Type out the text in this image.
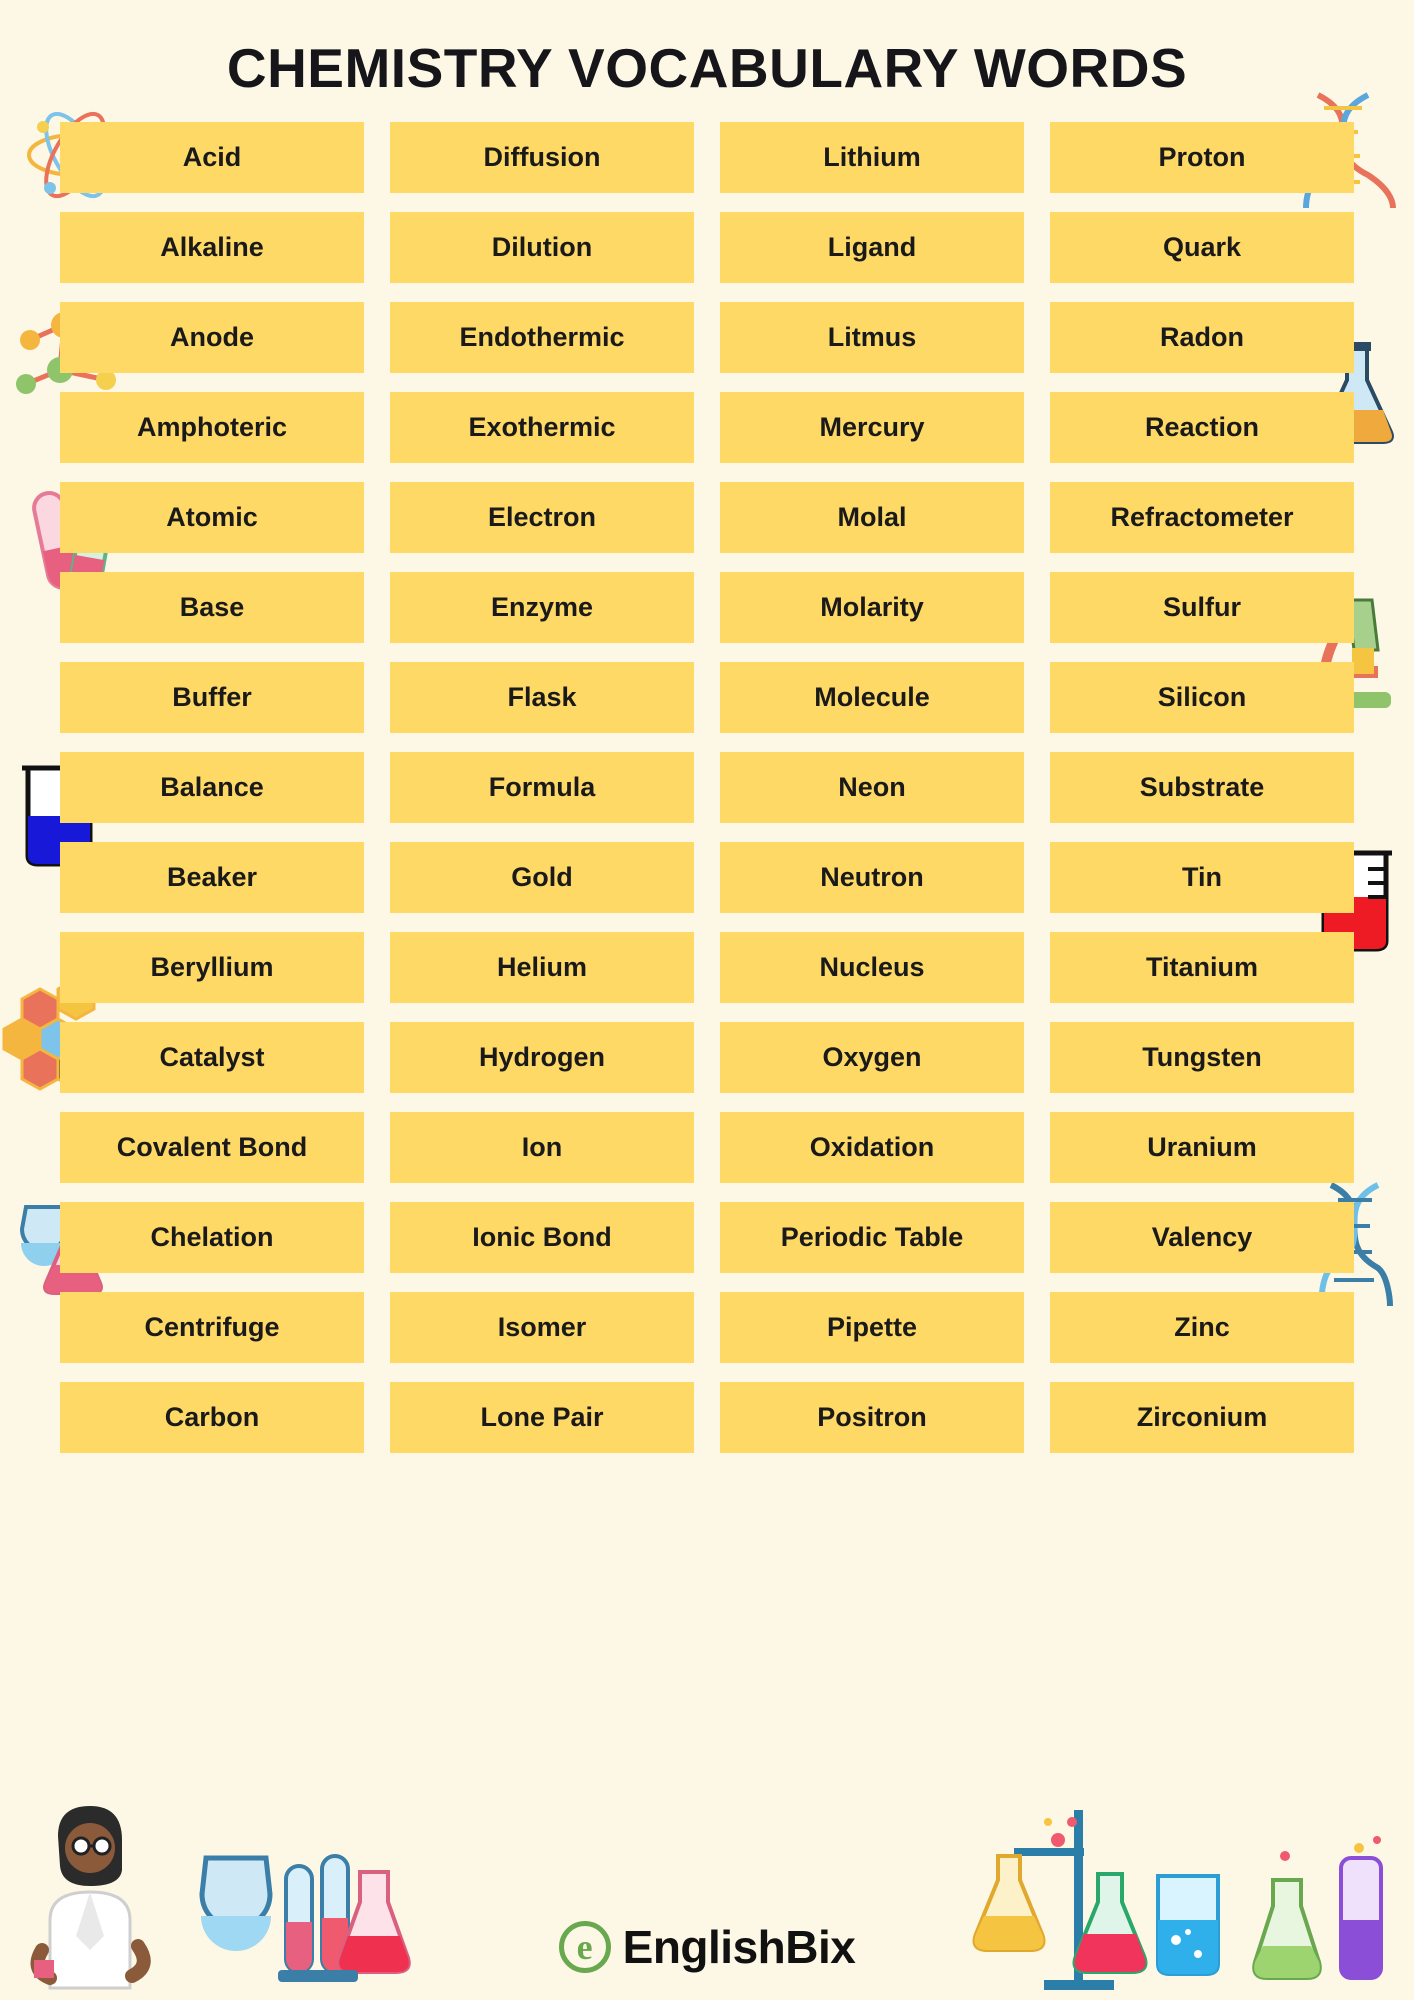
CHEMISTRY VOCABULARY WORDS
Acid	Diffusion	Lithium	Proton
Alkaline	Dilution	Ligand	Quark
Anode	Endothermic	Litmus	Radon
Amphoteric	Exothermic	Mercury	Reaction
Atomic	Electron	Molal	Refractometer
Base	Enzyme	Molarity	Sulfur
Buffer	Flask	Molecule	Silicon
Balance	Formula	Neon	Substrate
Beaker	Gold	Neutron	Tin
Beryllium	Helium	Nucleus	Titanium
Catalyst	Hydrogen	Oxygen	Tungsten
Covalent Bond	Ion	Oxidation	Uranium
Chelation	Ionic Bond	Periodic Table	Valency
Centrifuge	Isomer	Pipette	Zinc
Carbon	Lone Pair	Positron	Zirconium
e EnglishBix
